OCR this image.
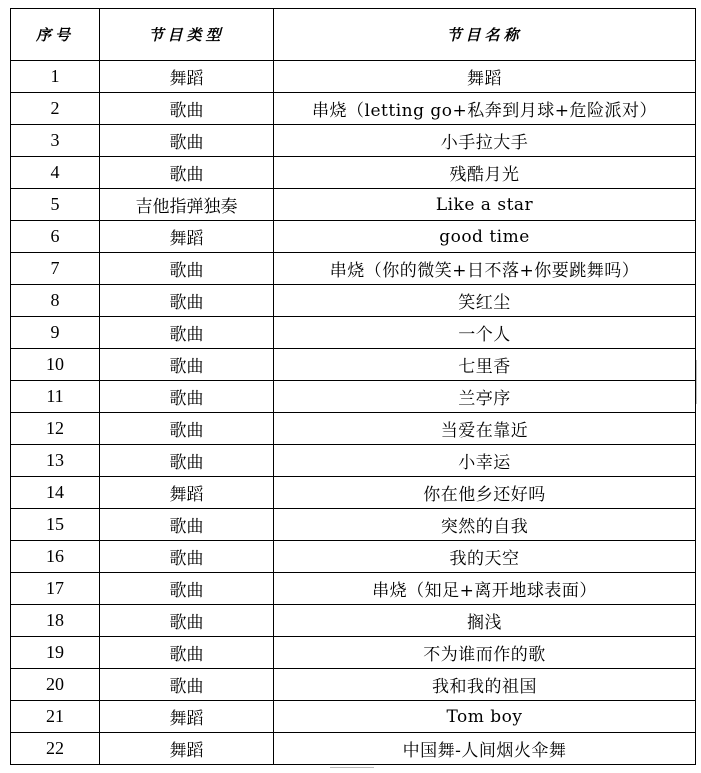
序号	节目类型	节目名称
1	舞蹈	舞蹈
2	歌曲	串烧（letting go+私奔到月球+危险派对）
3	歌曲	小手拉大手
4	歌曲	残酷月光
5	吉他指弹独奏	Like a star
6	舞蹈	good time
7	歌曲	串烧（你的微笑+日不落+你要跳舞吗）
8	歌曲	笑红尘
9	歌曲	一个人
10	歌曲	七里香
11	歌曲	兰亭序
12	歌曲	当爱在靠近
13	歌曲	小幸运
14	舞蹈	你在他乡还好吗
15	歌曲	突然的自我
16	歌曲	我的天空
17	歌曲	串烧（知足+离开地球表面）
18	歌曲	搁浅
19	歌曲	不为谁而作的歌
20	歌曲	我和我的祖国
21	舞蹈	Tom boy
22	舞蹈	中国舞-人间烟火伞舞
